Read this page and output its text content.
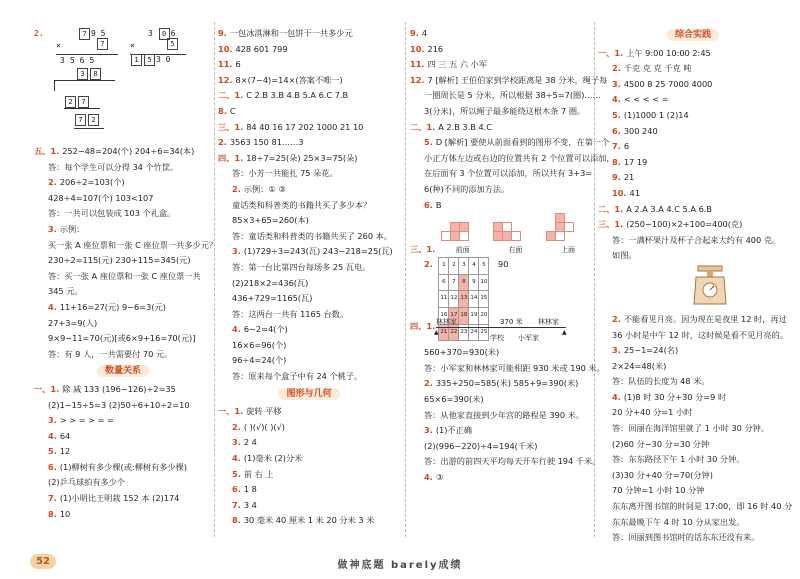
2.	7 9 5
×	7
3565
3 0 6
×	5
1 5 3 0
3 8
2 7
7 2
五、1. 252−48=204(个) 204÷6=34(本)
答：每个学生可以分得 34 个竹筐。
2. 206÷2=103(个)
428÷4=107(个) 103<107
答：一共可以包装成 103 个礼盒。
3. 示例：
买一张 A 座位票和一张 C 座位票一共多少元？
230÷2=115(元) 230+115=345(元)
答：买一张 A 座位票和一张 C 座位票一共
345 元。
4. 11+16=27(元) 9−6=3(元)
27+3=9(人)
9×9−11=70(元)[或6×9+16=70(元)]
答：有 9 人，一共需要付 70 元。
数量关系
一、1. 除 减 133 (196−126)÷2=35
(2)1−15÷5=3 (2)50÷6+10÷2=10
3. > > = > = =
4. 64
5. 12
6. (1)柳树有多少棵(或:柳树有多少棵)
(2)乒乓球拍有多少个
7. (1)小明比王明栽 152 本 (2)174
8. 10
9. 一包冰淇淋和一包饼干一共多少元
10. 428 601 799
11. 6
12. 8×(7−4)=14×(答案不唯一)
二、1. C 2.B 3.B 4.B 5.A 6.C 7.B
8. C
三、1. 84 40 16 17 202 1000 21 10
2. 3563 150 81……3
四、1. 18÷7=25(朵) 25×3=75(朵)
答：小芳一共能扎 75 朵花。
2. 示例：① ③
童话类和科普类的书籍共买了多少本？
85×3+65=260(本)
答：童话类和科普类的书籍共买了 260 本。
3. (1)729÷3=243(瓦) 243−218=25(瓦)
答：第一台比第四台每场多 25 瓦电。
(2)218×2=436(瓦)
436+729=1165(瓦)
答：这两台一共有 1165 台数。
4. 6−2=4(个)
16×6=96(个)
96÷4=24(个)
答：原来每个盒子中有 24 个桃子。
图形与几何
一、1. 旋转 平移
2. ( )(√)( )(√)
3. 2 4
4. (1)毫米 (2)分米
5. 前 右 上
6. 1 8
7. 3 4
8. 30 毫米 40 厘米 1 米 20 分米 3 米
9. 4
10. 216
11. 四 三 五 六 小军
12. 7 [解析] 王伯伯家到学校距离是 38 分米，绳子每
一圈周长是 5 分米，所以根据 38÷5=7(圈)……
3(分米)，所以绳子最多能绕这根木条 7 圈。
二、1. A 2.B 3.B 4.C
5. D [解析] 要使从前面看到的图形不变，在第一个
小正方体左边或右边的位置共有 2 个位置可以添加，
在后面有 3 个位置可以添加，所以共有 3+3=
6(种)不同的添加方法。
6. B
三、1.	前面	右面	上面
2. 1	2	3	4	5
6	7	8	9	10
11	12	13	14	15
16	17	18	19	20
21	22	23	24	25
90
四、1. 林林家	370 米 林林家
▲	▲
学校 小军家
560+370=930(米)
答：小军家和林林家可能相距 930 米或 190 米。
2. 335+250=585(米) 585+9=390(米)
65×6=390(米)
答：从他家直接到少年宫的路程是 390 米。
3. (1)不正确
(2)(996−220)÷4=194(千米)
答：出游的前四天平均每天开车行驶 194 千米。
4. ③
综合实践
一、1. 上午 9:00 10:00 2:45
2. 千克 克 克 千克 吨
3. 4500 8 25 7000 4000
4. < < < < =
5. (1)1000 1 (2)14
6. 300 240
7. 6
8. 17 19
9. 21
10. 41
二、1. A 2.A 3.A 4.C 5.A 6.B
三、1. (250−100)×2+100=400(克)
答：一满杯果汁及杯子合起来大约有 400 克。
如图。
2. 不能看见月亮。因为现在是夜里 12 时，再过
36 小时是中午 12 时，这时候是看不见月亮的。
3. 25−1=24(名)
2×24=48(米)
答：队伍的长度为 48 米。
4. (1)8 时 30 分+30 分=9 时
20 分+40 分=1 小时
答：回丽在海洋馆里就了 1 小时 30 分钟。
(2)60 分−30 分=30 分钟
答：东东路径下午 1 小时 30 分钟。
(3)30 分+40 分=70(分钟)
70 分钟=1 小时 10 分钟
东东离开图书馆的时间是 17:00，即 16 时 40 分
东东最晚下午 4 时 10 分从家出发。
答：回丽到图书馆时的话东东还没有来。
52	做神底题 barely成绩
